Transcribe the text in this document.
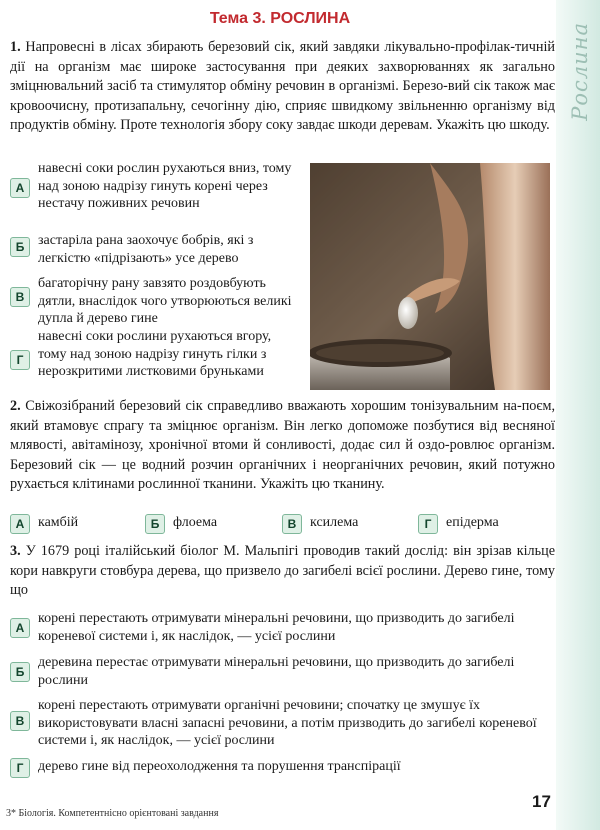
Рослина
Тема 3. РОСЛИНА
1. Напровесні в лісах збирають березовий сік, який завдяки лікувально-профілак-тичній дії на організм має широке застосування при деяких захворюваннях як загально зміцнювальний засіб та стимулятор обміну речовин в організмі. Березо-вий сік також має кровоочисну, протизапальну, сечогінну дію, сприяє швидкому звільненню організму від продуктів обміну. Проте технологія збору соку завдає шкоди деревам. Укажіть цю шкоду.
А
навесні соки рослин рухаються вниз, тому над зоною надрізу гинуть корені через нестачу поживних речовин
Б застаріла рана заохочує бобрів, які з легкістю «підрізають» усе дерево
В
багаторічну рану завзято роздовбують дятли, внаслідок чого утворюються великі дупла й дерево гине
Г
навесні соки рослини рухаються вгору, тому над зоною надрізу гинуть гілки з нерозкритими листковими бруньками
2. Свіжозібраний березовий сік справедливо вважають хорошим тонізувальним на-поєм, який втамовує спрагу та зміцнює організм. Він легко допоможе позбутися від весняної млявості, авітамінозу, хронічної втоми й сонливості, додає сил й оздо-ровлює організм. Березовий сік — це водний розчин органічних і неорганічних речовин, який потужно рухається клітинами рослинної тканини. Укажіть цю тканину.
А камбій	Б флоема	В ксилема	Г	епідерма
3. У 1679 році італійський біолог М. Мальпігі проводив такий дослід: він зрізав кільце кори навкруги стовбура дерева, що призвело до загибелі всієї рослини. Дерево гине, тому що
А
корені перестають отримувати мінеральні речовини, що призводить до загибелі кореневої системи і, як наслідок, — усієї рослини
Б
деревина перестає отримувати мінеральні речовини, що призводить до загибелі рослини
В
корені перестають отримувати органічні речовини; спочатку це змушує їх використовувати власні запасні речовини, а потім призводить до загибелі кореневої системи і, як наслідок, — усієї рослини
Г	дерево гине від переохолодження та порушення транспірації
17
3* Біологія. Компетентнісно орієнтовані завдання
